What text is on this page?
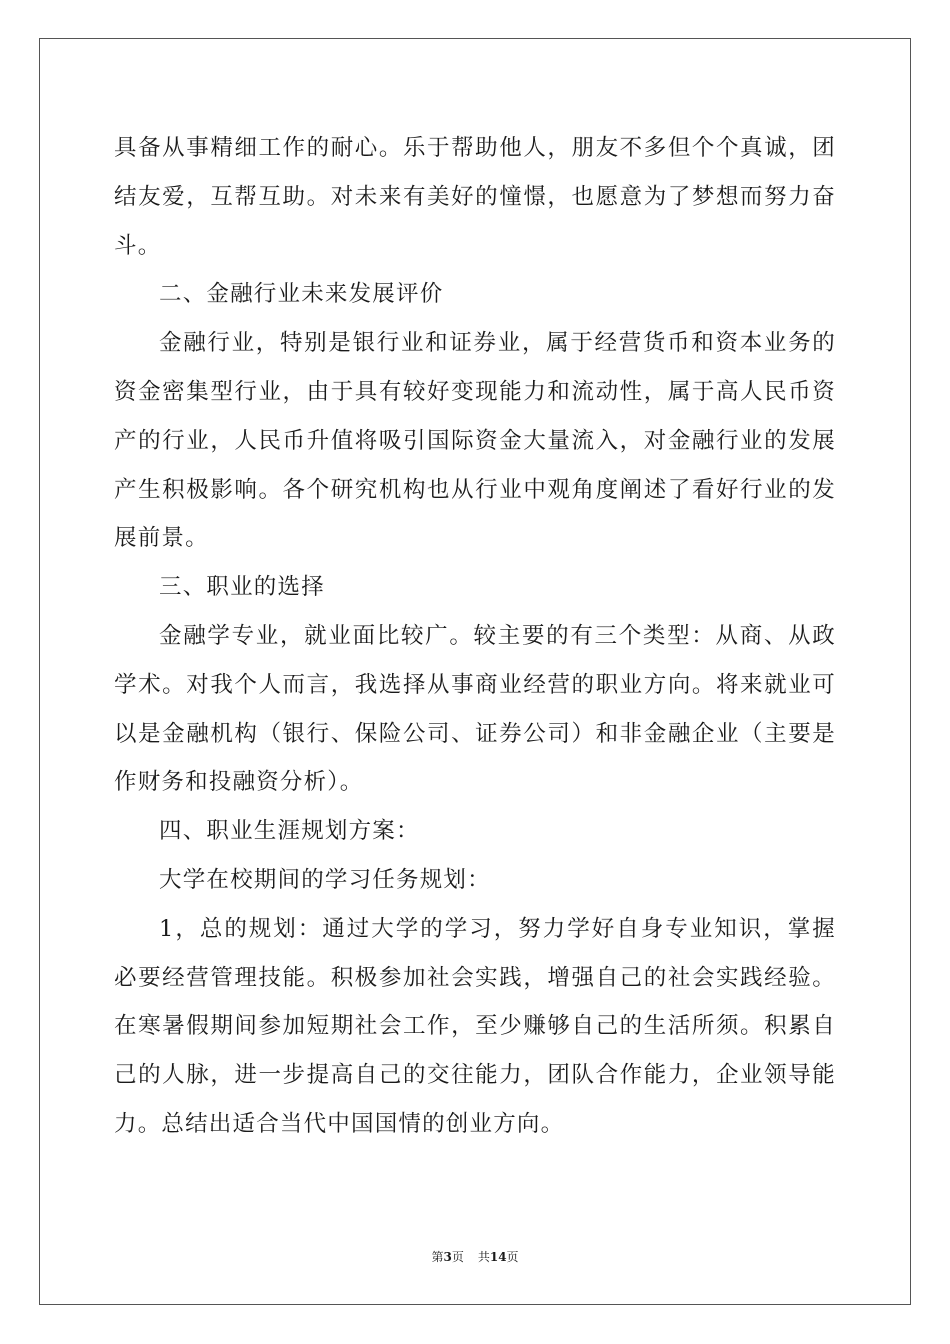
具备从事精细工作的耐心。乐于帮助他人，朋友不多但个个真诚，团结友爱，互帮互助。对未来有美好的憧憬，也愿意为了梦想而努力奋斗。

二、金融行业未来发展评价

金融行业，特别是银行业和证券业，属于经营货币和资本业务的资金密集型行业，由于具有较好变现能力和流动性，属于高人民币资产的行业，人民币升值将吸引国际资金大量流入，对金融行业的发展产生积极影响。各个研究机构也从行业中观角度阐述了看好行业的发展前景。

三、职业的选择

金融学专业，就业面比较广。较主要的有三个类型：从商、从政学术。对我个人而言，我选择从事商业经营的职业方向。将来就业可以是金融机构（银行、保险公司、证券公司）和非金融企业（主要是作财务和投融资分析）。

四、职业生涯规划方案：

大学在校期间的学习任务规划：

1，总的规划：通过大学的学习，努力学好自身专业知识，掌握必要经营管理技能。积极参加社会实践，增强自己的社会实践经验。在寒暑假期间参加短期社会工作，至少赚够自己的生活所须。积累自己的人脉，进一步提高自己的交往能力，团队合作能力，企业领导能力。总结出适合当代中国国情的创业方向。

第3页 共14页
